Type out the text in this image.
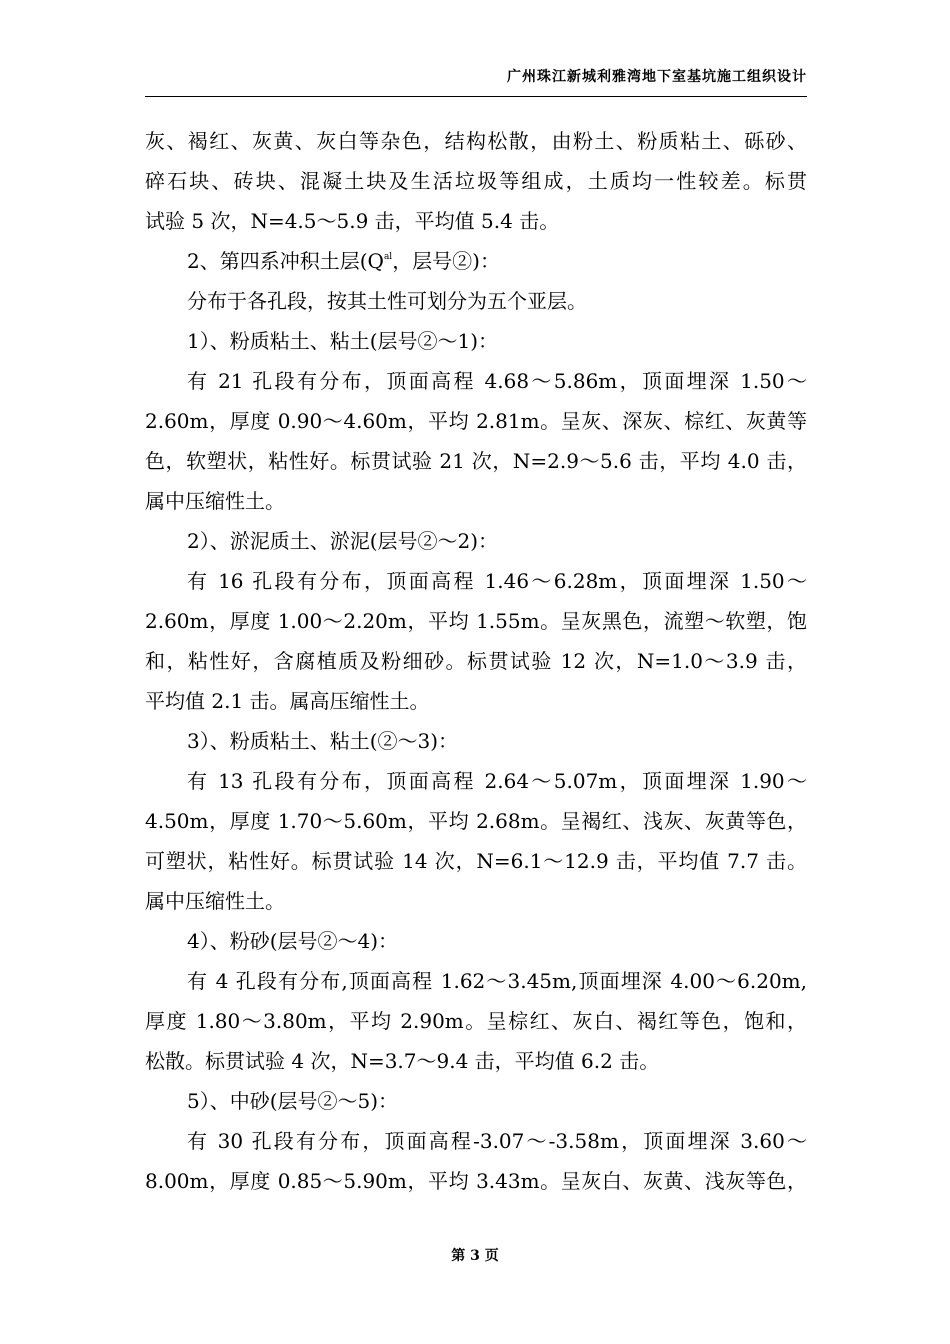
广州珠江新城利雅湾地下室基坑施工组织设计
灰、褐红、灰黄、灰白等杂色，结构松散，由粉土、粉质粘土、砾砂、
碎石块、砖块、混凝土块及生活垃圾等组成，土质均一性较差。标贯
试验 5 次，N=4.5～5.9 击，平均值 5.4 击。
2、第四系冲积土层($Q^{al}$，层号②)：
分布于各孔段，按其土性可划分为五个亚层。
1）、粉质粘土、粘土(层号②～1)：
有 21 孔段有分布，顶面高程 4.68～5.86m，顶面埋深 1.50～
2.60m，厚度 0.90～4.60m，平均 2.81m。呈灰、深灰、棕红、灰黄等
色，软塑状，粘性好。标贯试验 21 次，N=2.9～5.6 击，平均 4.0 击，
属中压缩性土。
2）、淤泥质土、淤泥(层号②～2)：
有 16 孔段有分布，顶面高程 1.46～6.28m，顶面埋深 1.50～
2.60m，厚度 1.00～2.20m，平均 1.55m。呈灰黑色，流塑～软塑，饱
和，粘性好，含腐植质及粉细砂。标贯试验 12 次，N=1.0～3.9 击，
平均值 2.1 击。属高压缩性土。
3）、粉质粘土、粘土(②～3)：
有 13 孔段有分布，顶面高程 2.64～5.07m，顶面埋深 1.90～
4.50m，厚度 1.70～5.60m，平均 2.68m。呈褐红、浅灰、灰黄等色，
可塑状，粘性好。标贯试验 14 次，N=6.1～12.9 击，平均值 7.7 击。
属中压缩性土。
4）、粉砂(层号②～4)：
有 4 孔段有分布,顶面高程 1.62～3.45m,顶面埋深 4.00～6.20m,
厚度 1.80～3.80m，平均 2.90m。呈棕红、灰白、褐红等色，饱和，
松散。标贯试验 4 次，N=3.7～9.4 击，平均值 6.2 击。
5）、中砂(层号②～5)：
有 30 孔段有分布，顶面高程-3.07～-3.58m，顶面埋深 3.60～
8.00m，厚度 0.85～5.90m，平均 3.43m。呈灰白、灰黄、浅灰等色，
第 3 页
